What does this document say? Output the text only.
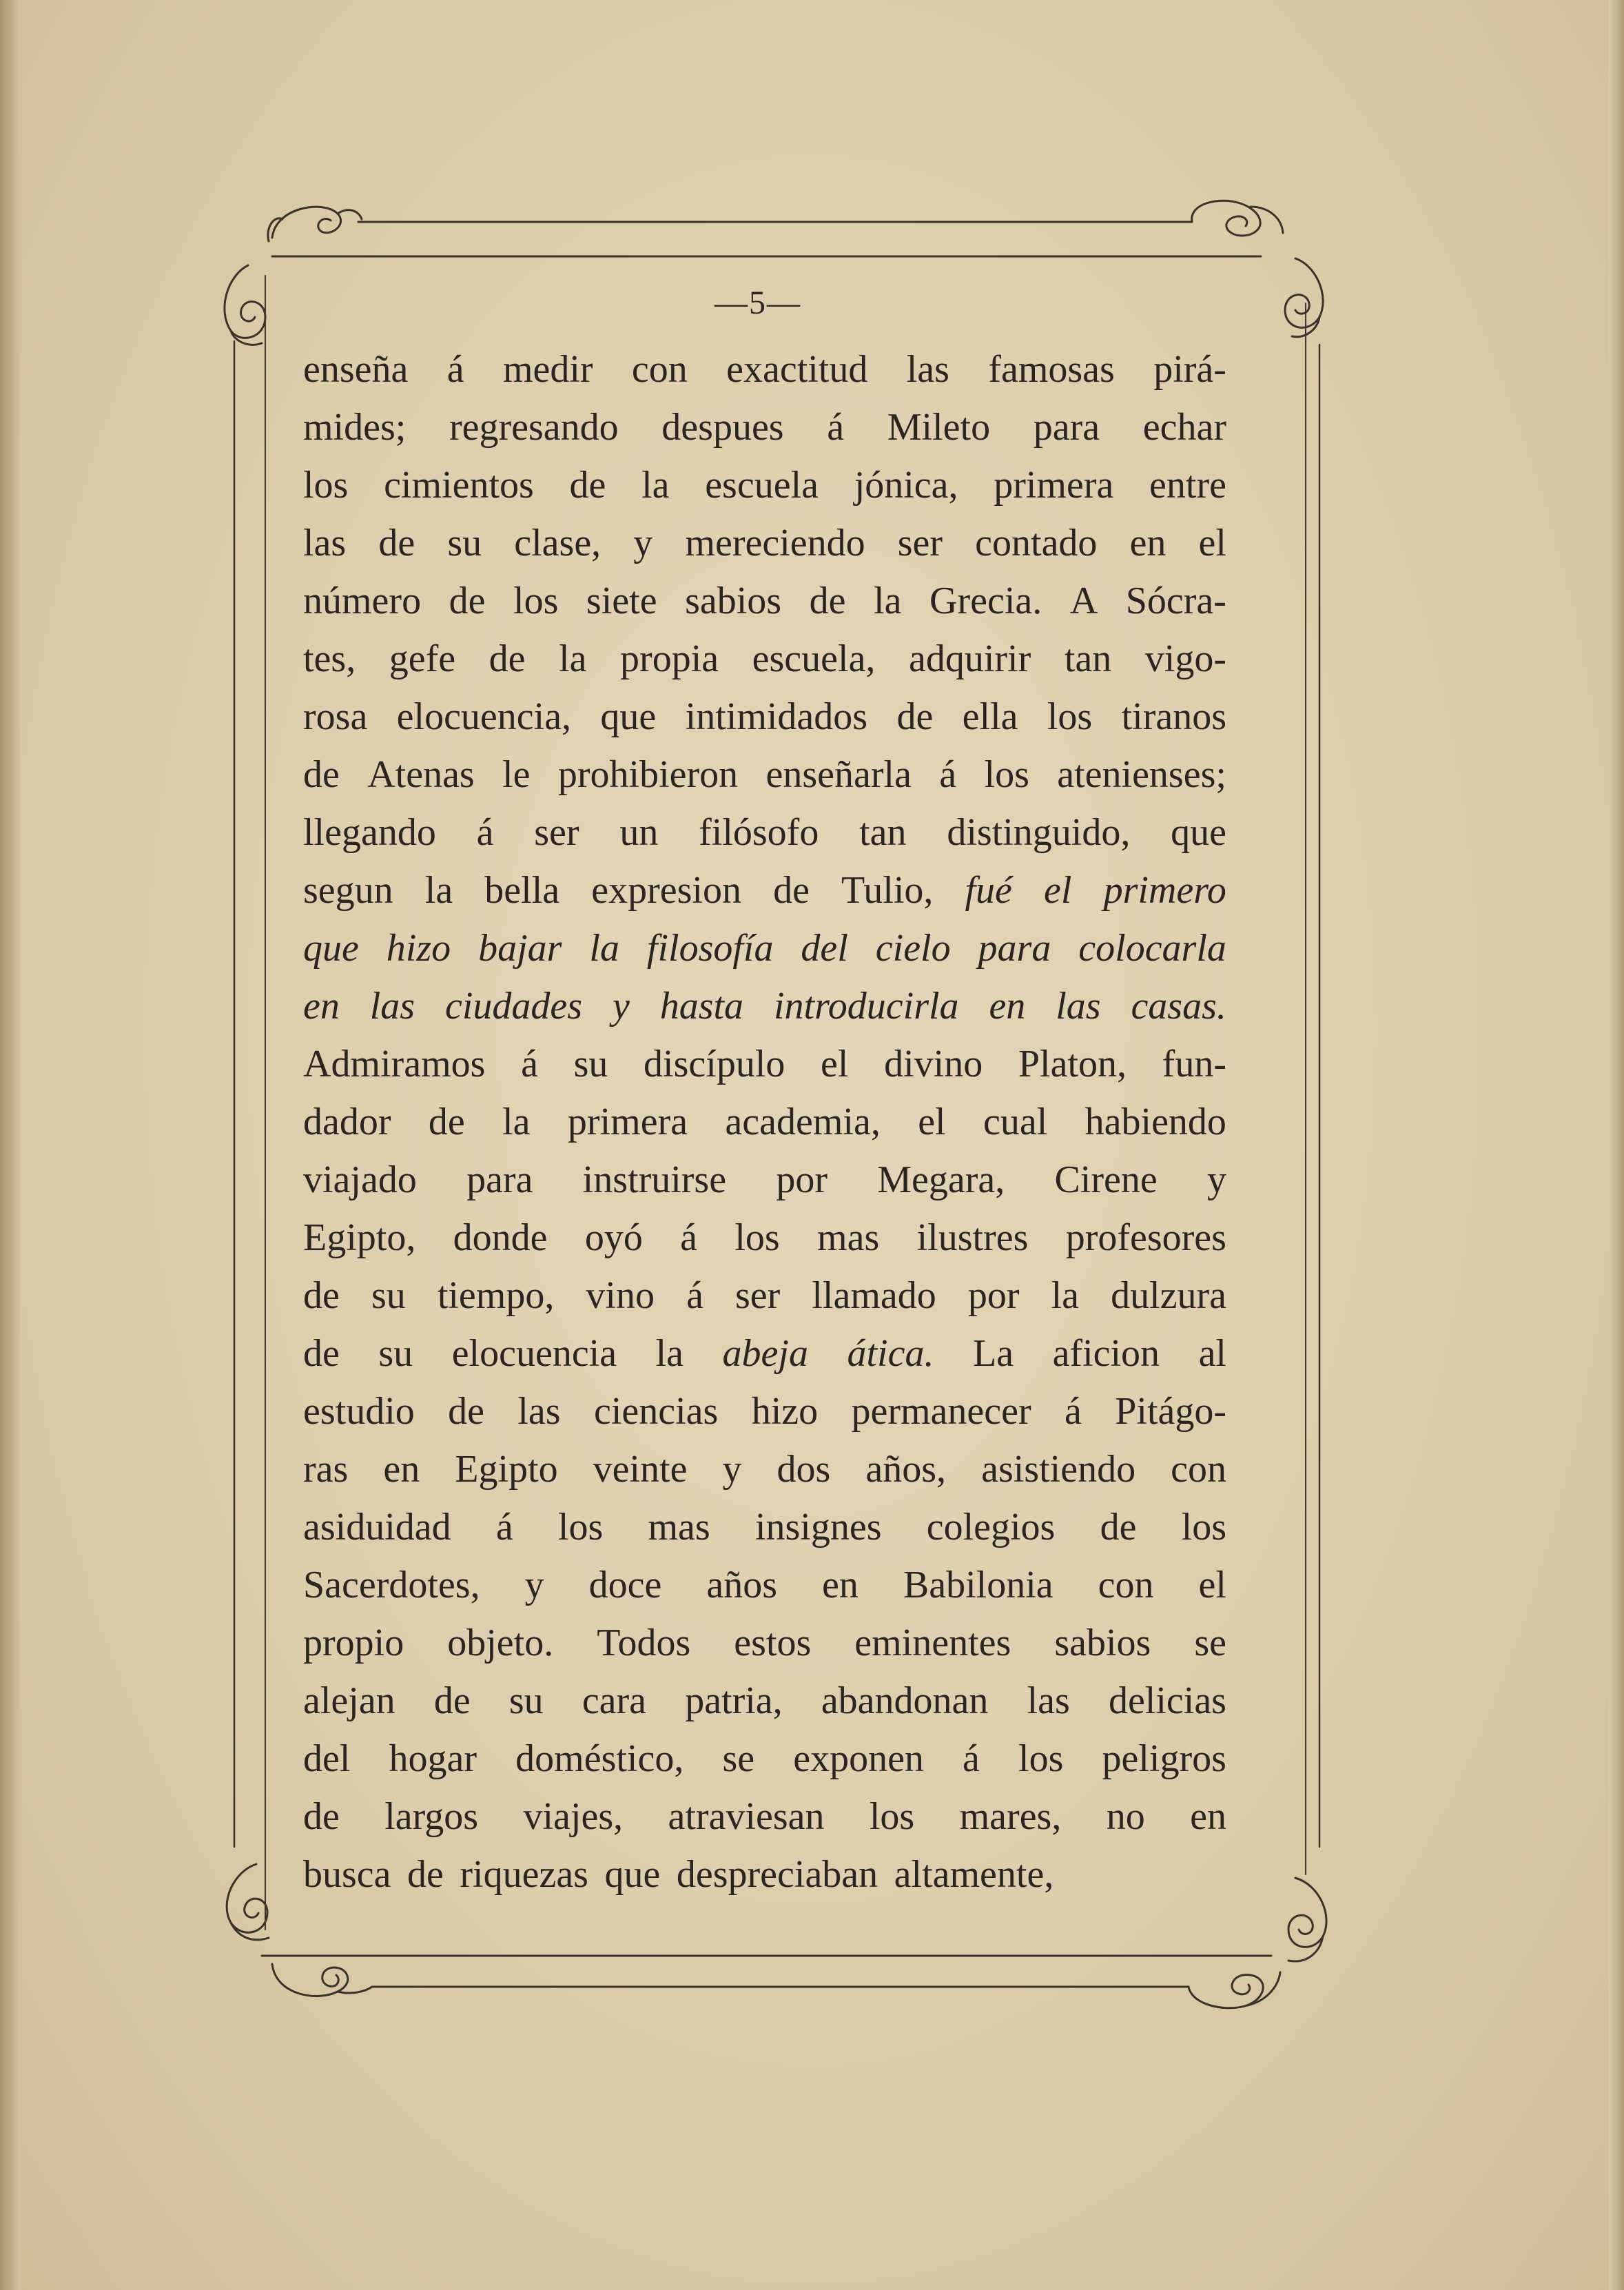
—5—
enseña á medir con exactitud las famosas pirá-
mides; regresando despues á Mileto para echar
los cimientos de la escuela jónica, primera entre
las de su clase, y mereciendo ser contado en el
número de los siete sabios de la Grecia. A Sócra-
tes, gefe de la propia escuela, adquirir tan vigo-
rosa elocuencia, que intimidados de ella los tiranos
de Atenas le prohibieron enseñarla á los atenienses;
llegando á ser un filósofo tan distinguido, que
segun la bella expresion de Tulio, fué el primero
que hizo bajar la filosofía del cielo para colocarla
en las ciudades y hasta introducirla en las casas.
Admiramos á su discípulo el divino Platon, fun-
dador de la primera academia, el cual habiendo
viajado para instruirse por Megara, Cirene y
Egipto, donde oyó á los mas ilustres profesores
de su tiempo, vino á ser llamado por la dulzura
de su elocuencia la abeja ática. La aficion al
estudio de las ciencias hizo permanecer á Pitágo-
ras en Egipto veinte y dos años, asistiendo con
asiduidad á los mas insignes colegios de los
Sacerdotes, y doce años en Babilonia con el
propio objeto. Todos estos eminentes sabios se
alejan de su cara patria, abandonan las delicias
del hogar doméstico, se exponen á los peligros
de largos viajes, atraviesan los mares, no en
busca de riquezas que despreciaban altamente,
